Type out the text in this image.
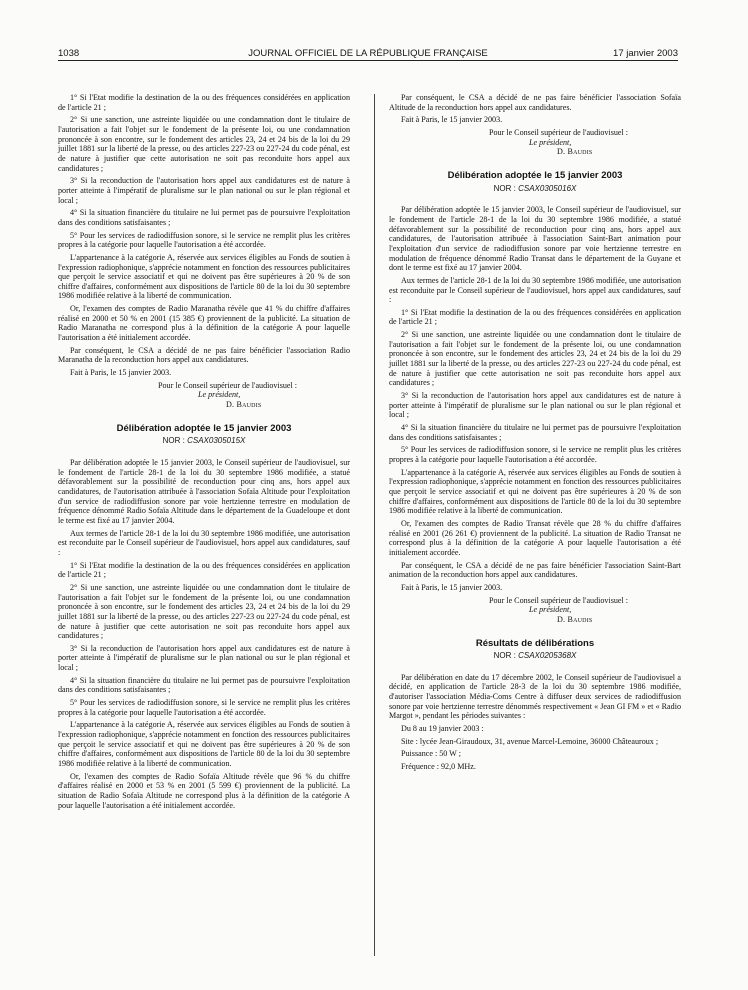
1038	JOURNAL OFFICIEL DE LA RÉPUBLIQUE FRANÇAISE	17 janvier 2003

1° Si l'Etat modifie la destination de la ou des fréquences considérées en application de l'article 21 ;

2° Si une sanction, une astreinte liquidée ou une condamnation dont le titulaire de l'autorisation a fait l'objet sur le fondement de la présente loi, ou une condamnation prononcée à son encontre, sur le fondement des articles 23, 24 et 24 bis de la loi du 29 juillet 1881 sur la liberté de la presse, ou des articles 227-23 ou 227-24 du code pénal, est de nature à justifier que cette autorisation ne soit pas reconduite hors appel aux candidatures ;

3° Si la reconduction de l'autorisation hors appel aux candidatures est de nature à porter atteinte à l'impératif de pluralisme sur le plan national ou sur le plan régional et local ;

4° Si la situation financière du titulaire ne lui permet pas de poursuivre l'exploitation dans des conditions satisfaisantes ;

5° Pour les services de radiodiffusion sonore, si le service ne remplit plus les critères propres à la catégorie pour laquelle l'autorisation a été accordée.

L'appartenance à la catégorie A, réservée aux services éligibles au Fonds de soutien à l'expression radiophonique, s'apprécie notamment en fonction des ressources publicitaires que perçoit le service associatif et qui ne doivent pas être supérieures à 20 % de son chiffre d'affaires, conformément aux dispositions de l'article 80 de la loi du 30 septembre 1986 modifiée relative à la liberté de communication.

Or, l'examen des comptes de Radio Maranatha révèle que 41 % du chiffre d'affaires réalisé en 2000 et 50 % en 2001 (15 385 €) proviennent de la publicité. La situation de Radio Maranatha ne correspond plus à la définition de la catégorie A pour laquelle l'autorisation a été initialement accordée.

Par conséquent, le CSA a décidé de ne pas faire bénéficier l'association Radio Maranatha de la reconduction hors appel aux candidatures.

Fait à Paris, le 15 janvier 2003.

Pour le Conseil supérieur de l'audiovisuel :
Le président,
D. Baudis
Délibération adoptée le 15 janvier 2003
NOR : CSAX0305015X

Par délibération adoptée le 15 janvier 2003, le Conseil supérieur de l'audiovisuel, sur le fondement de l'article 28-1 de la loi du 30 septembre 1986 modifiée, a statué défavorablement sur la possibilité de reconduction pour cinq ans, hors appel aux candidatures, de l'autorisation attribuée à l'association Sofaïa Altitude pour l'exploitation d'un service de radiodiffusion sonore par voie hertzienne terrestre en modulation de fréquence dénommé Radio Sofaïa Altitude dans le département de la Guadeloupe et dont le terme est fixé au 17 janvier 2004.

Aux termes de l'article 28-1 de la loi du 30 septembre 1986 modifiée, une autorisation est reconduite par le Conseil supérieur de l'audiovisuel, hors appel aux candidatures, sauf :

1° Si l'Etat modifie la destination de la ou des fréquences considérées en application de l'article 21 ;

2° Si une sanction, une astreinte liquidée ou une condamnation dont le titulaire de l'autorisation a fait l'objet sur le fondement de la présente loi, ou une condamnation prononcée à son encontre, sur le fondement des articles 23, 24 et 24 bis de la loi du 29 juillet 1881 sur la liberté de la presse, ou des articles 227-23 ou 227-24 du code pénal, est de nature à justifier que cette autorisation ne soit pas reconduite hors appel aux candidatures ;

3° Si la reconduction de l'autorisation hors appel aux candidatures est de nature à porter atteinte à l'impératif de pluralisme sur le plan national ou sur le plan régional et local ;

4° Si la situation financière du titulaire ne lui permet pas de poursuivre l'exploitation dans des conditions satisfaisantes ;

5° Pour les services de radiodiffusion sonore, si le service ne remplit plus les critères propres à la catégorie pour laquelle l'autorisation a été accordée.

L'appartenance à la catégorie A, réservée aux services éligibles au Fonds de soutien à l'expression radiophonique, s'apprécie notamment en fonction des ressources publicitaires que perçoit le service associatif et qui ne doivent pas être supérieures à 20 % de son chiffre d'affaires, conformément aux dispositions de l'article 80 de la loi du 30 septembre 1986 modifiée relative à la liberté de communication.

Or, l'examen des comptes de Radio Sofaïa Altitude révèle que 96 % du chiffre d'affaires réalisé en 2000 et 53 % en 2001 (5 599 €) proviennent de la publicité. La situation de Radio Sofaïa Altitude ne correspond plus à la définition de la catégorie A pour laquelle l'autorisation a été initialement accordée.

Par conséquent, le CSA a décidé de ne pas faire bénéficier l'association Sofaïa Altitude de la reconduction hors appel aux candidatures.

Fait à Paris, le 15 janvier 2003.

Pour le Conseil supérieur de l'audiovisuel :
Le président,
D. Baudis
Délibération adoptée le 15 janvier 2003
NOR : CSAX0305016X

Par délibération adoptée le 15 janvier 2003, le Conseil supérieur de l'audiovisuel, sur le fondement de l'article 28-1 de la loi du 30 septembre 1986 modifiée, a statué défavorablement sur la possibilité de reconduction pour cinq ans, hors appel aux candidatures, de l'autorisation attribuée à l'association Saint-Bart animation pour l'exploitation d'un service de radiodiffusion sonore par voie hertzienne terrestre en modulation de fréquence dénommé Radio Transat dans le département de la Guyane et dont le terme est fixé au 17 janvier 2004.

Aux termes de l'article 28-1 de la loi du 30 septembre 1986 modifiée, une autorisation est reconduite par le Conseil supérieur de l'audiovisuel, hors appel aux candidatures, sauf :

1° Si l'Etat modifie la destination de la ou des fréquences considérées en application de l'article 21 ;

2° Si une sanction, une astreinte liquidée ou une condamnation dont le titulaire de l'autorisation a fait l'objet sur le fondement de la présente loi, ou une condamnation prononcée à son encontre, sur le fondement des articles 23, 24 et 24 bis de la loi du 29 juillet 1881 sur la liberté de la presse, ou des articles 227-23 ou 227-24 du code pénal, est de nature à justifier que cette autorisation ne soit pas reconduite hors appel aux candidatures ;

3° Si la reconduction de l'autorisation hors appel aux candidatures est de nature à porter atteinte à l'impératif de pluralisme sur le plan national ou sur le plan régional et local ;

4° Si la situation financière du titulaire ne lui permet pas de poursuivre l'exploitation dans des conditions satisfaisantes ;

5° Pour les services de radiodiffusion sonore, si le service ne remplit plus les critères propres à la catégorie pour laquelle l'autorisation a été accordée.

L'appartenance à la catégorie A, réservée aux services éligibles au Fonds de soutien à l'expression radiophonique, s'apprécie notamment en fonction des ressources publicitaires que perçoit le service associatif et qui ne doivent pas être supérieures à 20 % de son chiffre d'affaires, conformément aux dispositions de l'article 80 de la loi du 30 septembre 1986 modifiée relative à la liberté de communication.

Or, l'examen des comptes de Radio Transat révèle que 28 % du chiffre d'affaires réalisé en 2001 (26 261 €) proviennent de la publicité. La situation de Radio Transat ne correspond plus à la définition de la catégorie A pour laquelle l'autorisation a été initialement accordée.

Par conséquent, le CSA a décidé de ne pas faire bénéficier l'association Saint-Bart animation de la reconduction hors appel aux candidatures.

Fait à Paris, le 15 janvier 2003.

Pour le Conseil supérieur de l'audiovisuel :
Le président,
D. Baudis
Résultats de délibérations
NOR : CSAX0205368X

Par délibération en date du 17 décembre 2002, le Conseil supérieur de l'audiovisuel a décidé, en application de l'article 28-3 de la loi du 30 septembre 1986 modifiée, d'autoriser l'association Média-Coms Centre à diffuser deux services de radiodiffusion sonore par voie hertzienne terrestre dénommés respectivement « Jean GI FM » et « Radio Margot », pendant les périodes suivantes :

Du 8 au 19 janvier 2003 :

Site : lycée Jean-Giraudoux, 31, avenue Marcel-Lemoine, 36000 Châteauroux ;

Puissance : 50 W ;

Fréquence : 92,0 MHz.
